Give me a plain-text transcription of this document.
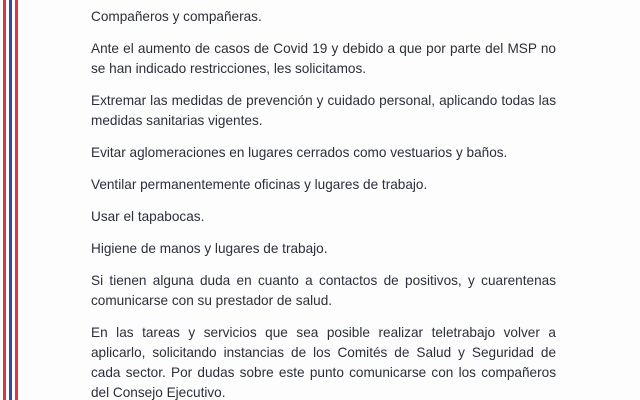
Compañeros y compañeras.

Ante el aumento de casos de Covid 19 y debido a que por parte del MSP no se han indicado restricciones, les solicitamos.

Extremar las medidas de prevención y cuidado personal, aplicando todas las medidas sanitarias vigentes.

Evitar aglomeraciones en lugares cerrados como vestuarios y baños.

Ventilar permanentemente oficinas y lugares de trabajo.

Usar el tapabocas.

Higiene de manos y lugares de trabajo.

Si tienen alguna duda en cuanto a contactos de positivos, y cuarentenas comunicarse con su prestador de salud.

En las tareas y servicios que sea posible realizar teletrabajo volver a aplicarlo, solicitando instancias de los Comités de Salud y Seguridad de cada sector. Por dudas sobre este punto comunicarse con los compañeros del Consejo Ejecutivo.
